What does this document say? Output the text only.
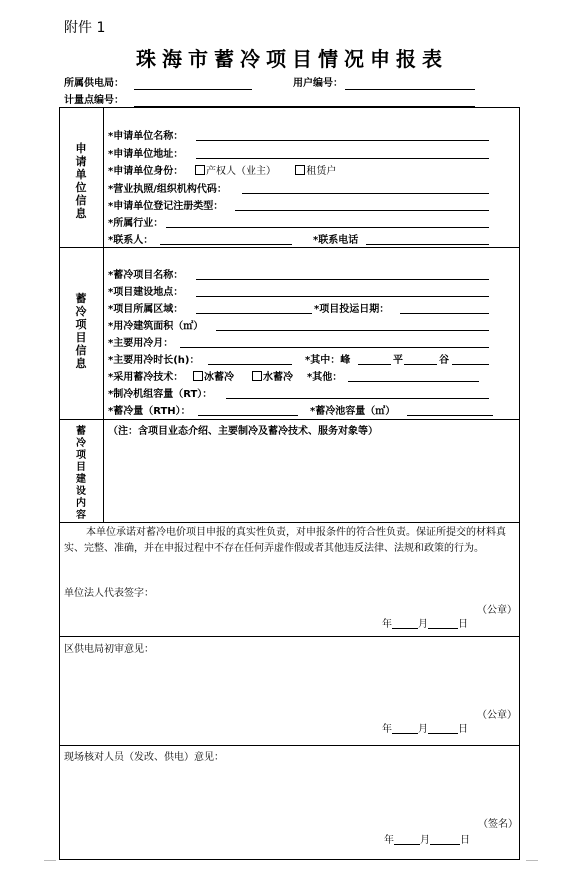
附件 1
珠海市蓄冷项目情况申报表
所属供电局：	用户编号：
计量点编号：
申
请
单
位
信
息
*申请单位名称：
*申请单位地址：
*申请单位身份：	产权人（业主）	租赁户
*营业执照/组织机构代码：
*申请单位登记注册类型：
*所属行业：
*联系人：	*联系电话
蓄
冷
项
目
信
息
*蓄冷项目名称：
*项目建设地点：
*项目所属区域：	*项目投运日期：
*用冷建筑面积（㎡）
*主要用冷月：
*主要用冷时长(h)：	*其中：峰	平	谷
*采用蓄冷技术：	冰蓄冷	水蓄冷 *其他：
*制冷机组容量（RT）：
*蓄冷量（RTH）：	*蓄冷池容量（㎥）
蓄
冷
项
目
建
设
内
容
（注：含项目业态介绍、主要制冷及蓄冷技术、服务对象等）
本单位承诺对蓄冷电价项目申报的真实性负责，对申报条件的符合性负责。保证所提交的材料真实、完整、准确，并在申报过程中不存在任何弄虚作假或者其他违反法律、法规和政策的行为。
单位法人代表签字：
（公章）
年	月	日
区供电局初审意见：
（公章）
年	月	日
现场核对人员（发改、供电）意见：
（签名）
年	月	日
